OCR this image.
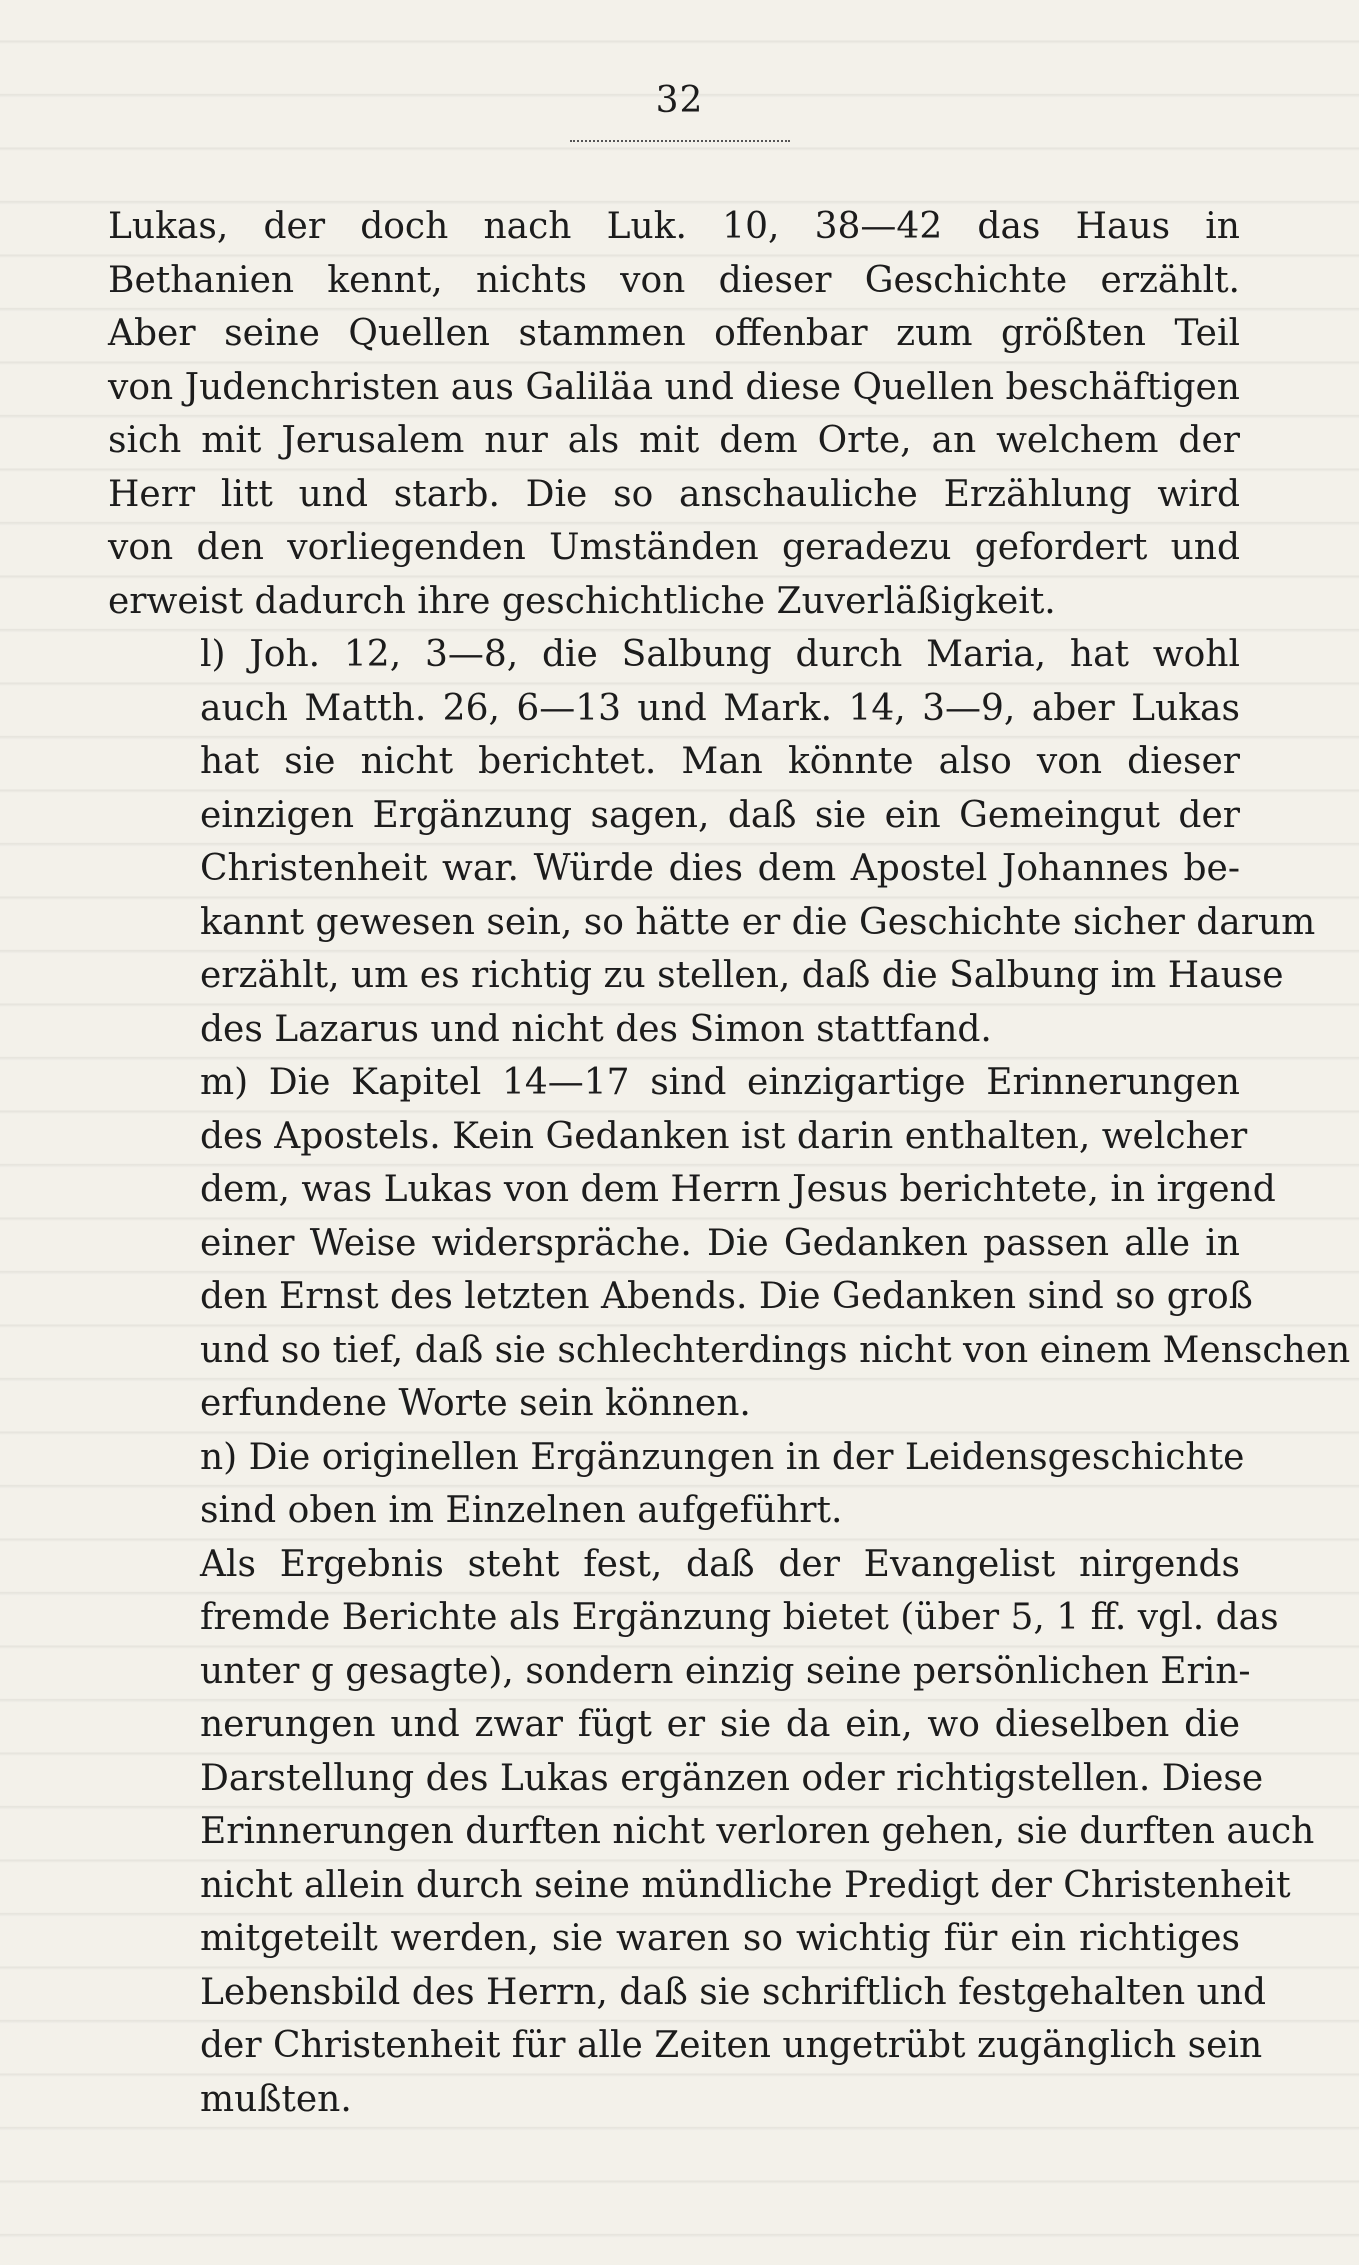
32
Lukas, der doch nach Luk. 10, 38—42 das Haus in
Bethanien kennt, nichts von dieser Geschichte erzählt.
Aber seine Quellen stammen offenbar zum größten Teil
von Judenchristen aus Galiläa und diese Quellen beschäftigen
sich mit Jerusalem nur als mit dem Orte, an welchem der
Herr litt und starb. Die so anschauliche Erzählung wird
von den vorliegenden Umständen geradezu gefordert und
erweist dadurch ihre geschichtliche Zuverläßigkeit.
l) Joh. 12, 3—8, die Salbung durch Maria, hat wohl
auch Matth. 26, 6—13 und Mark. 14, 3—9, aber Lukas
hat sie nicht berichtet. Man könnte also von dieser
einzigen Ergänzung sagen, daß sie ein Gemeingut der
Christenheit war. Würde dies dem Apostel Johannes be-
kannt gewesen sein, so hätte er die Geschichte sicher darum
erzählt, um es richtig zu stellen, daß die Salbung im Hause
des Lazarus und nicht des Simon stattfand.
m) Die Kapitel 14—17 sind einzigartige Erinnerungen
des Apostels. Kein Gedanken ist darin enthalten, welcher
dem, was Lukas von dem Herrn Jesus berichtete, in irgend
einer Weise widerspräche. Die Gedanken passen alle in
den Ernst des letzten Abends. Die Gedanken sind so groß
und so tief, daß sie schlechterdings nicht von einem Menschen
erfundene Worte sein können.
n) Die originellen Ergänzungen in der Leidensgeschichte
sind oben im Einzelnen aufgeführt.
Als Ergebnis steht fest, daß der Evangelist nirgends
fremde Berichte als Ergänzung bietet (über 5, 1 ff. vgl. das
unter g gesagte), sondern einzig seine persönlichen Erin-
nerungen und zwar fügt er sie da ein, wo dieselben die
Darstellung des Lukas ergänzen oder richtigstellen. Diese
Erinnerungen durften nicht verloren gehen, sie durften auch
nicht allein durch seine mündliche Predigt der Christenheit
mitgeteilt werden, sie waren so wichtig für ein richtiges
Lebensbild des Herrn, daß sie schriftlich festgehalten und
der Christenheit für alle Zeiten ungetrübt zugänglich sein
mußten.
